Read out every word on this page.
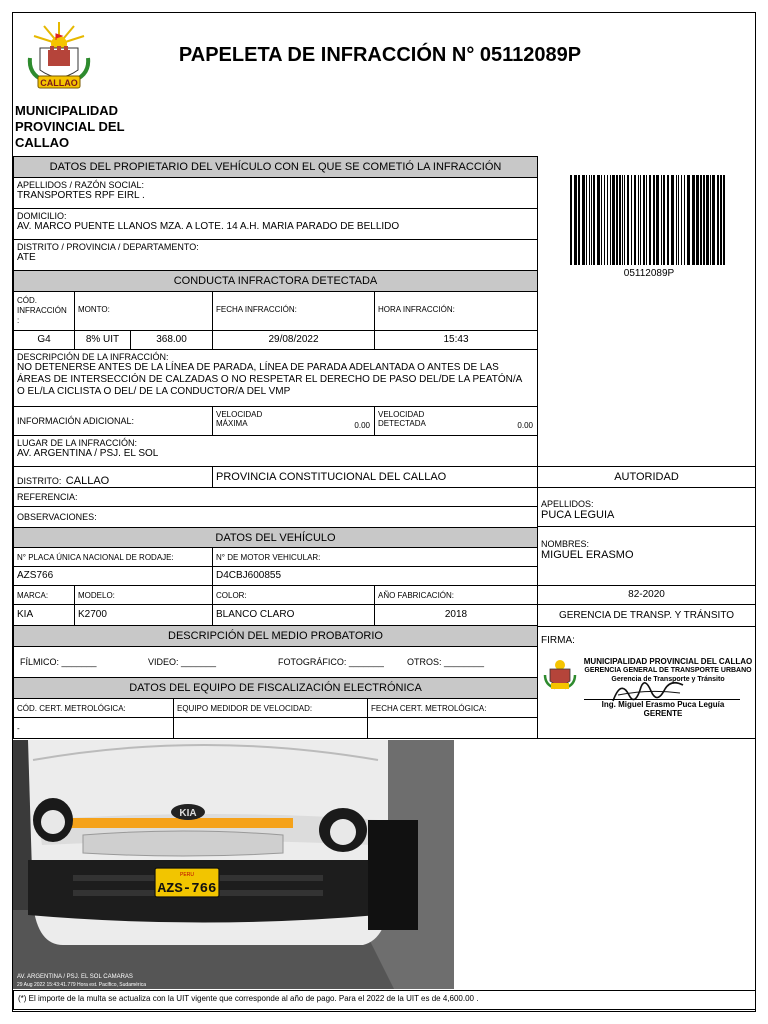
CALLAO
PAPELETA DE INFRACCIÓN N° 05112089P
MUNICIPALIDAD
PROVINCIAL DEL
CALLAO
DATOS DEL PROPIETARIO DEL VEHÍCULO CON EL QUE SE COMETIÓ LA INFRACCIÓN
APELLIDOS / RAZÓN SOCIAL:
TRANSPORTES RPF EIRL .
DOMICILIO:
AV. MARCO PUENTE LLANOS MZA. A LOTE. 14 A.H. MARIA PARADO DE BELLIDO
DISTRITO / PROVINCIA / DEPARTAMENTO:
ATE
05112089P
CONDUCTA INFRACTORA DETECTADA
CÓD. INFRACCIÓN :
MONTO:	FECHA INFRACCIÓN:	HORA INFRACCIÓN:
G4	8% UIT	368.00	29/08/2022	15:43
DESCRIPCIÓN DE LA INFRACCIÓN:
NO DETENERSE ANTES DE LA LÍNEA DE PARADA, LÍNEA DE PARADA ADELANTADA O ANTES DE LAS ÁREAS DE INTERSECCIÓN DE CALZADAS O NO RESPETAR EL DERECHO DE PASO DEL/DE LA PEATÓN/A O EL/LA CICLISTA O DEL/ DE LA CONDUCTOR/A DEL VMP
INFORMACIÓN ADICIONAL:
VELOCIDAD
MÁXIMA	0.00
VELOCIDAD
DETECTADA	0.00
LUGAR DE LA INFRACCIÓN:
AV. ARGENTINA / PSJ. EL SOL
DISTRITO: CALLAO	PROVINCIA CONSTITUCIONAL DEL CALLAO
REFERENCIA:
OBSERVACIONES:
DATOS DEL VEHÍCULO
N° PLACA ÚNICA NACIONAL DE RODAJE:	N° DE MOTOR VEHICULAR:
AZS766	D4CBJ600855
MARCA:	MODELO:	COLOR:	AÑO FABRICACIÓN:
KIA	K2700	BLANCO CLARO	2018
DESCRIPCIÓN DEL MEDIO PROBATORIO
FÍLMICO: _______	VIDEO: _______	FOTOGRÁFICO: _______	OTROS: ________
DATOS DEL EQUIPO DE FISCALIZACIÓN ELECTRÓNICA
CÓD. CERT. METROLÓGICA:	EQUIPO MEDIDOR DE VELOCIDAD:	FECHA CERT. METROLÓGICA:
-
AUTORIDAD
APELLIDOS:
PUCA LEGUIA
NOMBRES:
MIGUEL ERASMO
82-2020
GERENCIA DE TRANSP. Y TRÁNSITO
FIRMA:
MUNICIPALIDAD PROVINCIAL DEL CALLAO
GERENCIA GENERAL DE TRANSPORTE URBANO
Gerencia de Transporte y Tránsito
Ing. Miguel Erasmo Puca Leguía
GERENTE
KIA
PERU
AZS-766
AV. ARGENTINA / PSJ. EL SOL CAMARAS
29 Aug 2022 15:43:41.779 Hora est. Pacífico, Sudamérica
(*) El importe de la multa se actualiza con la UIT vigente que corresponde al año de pago. Para el 2022 de la UIT es de 4,600.00 .
